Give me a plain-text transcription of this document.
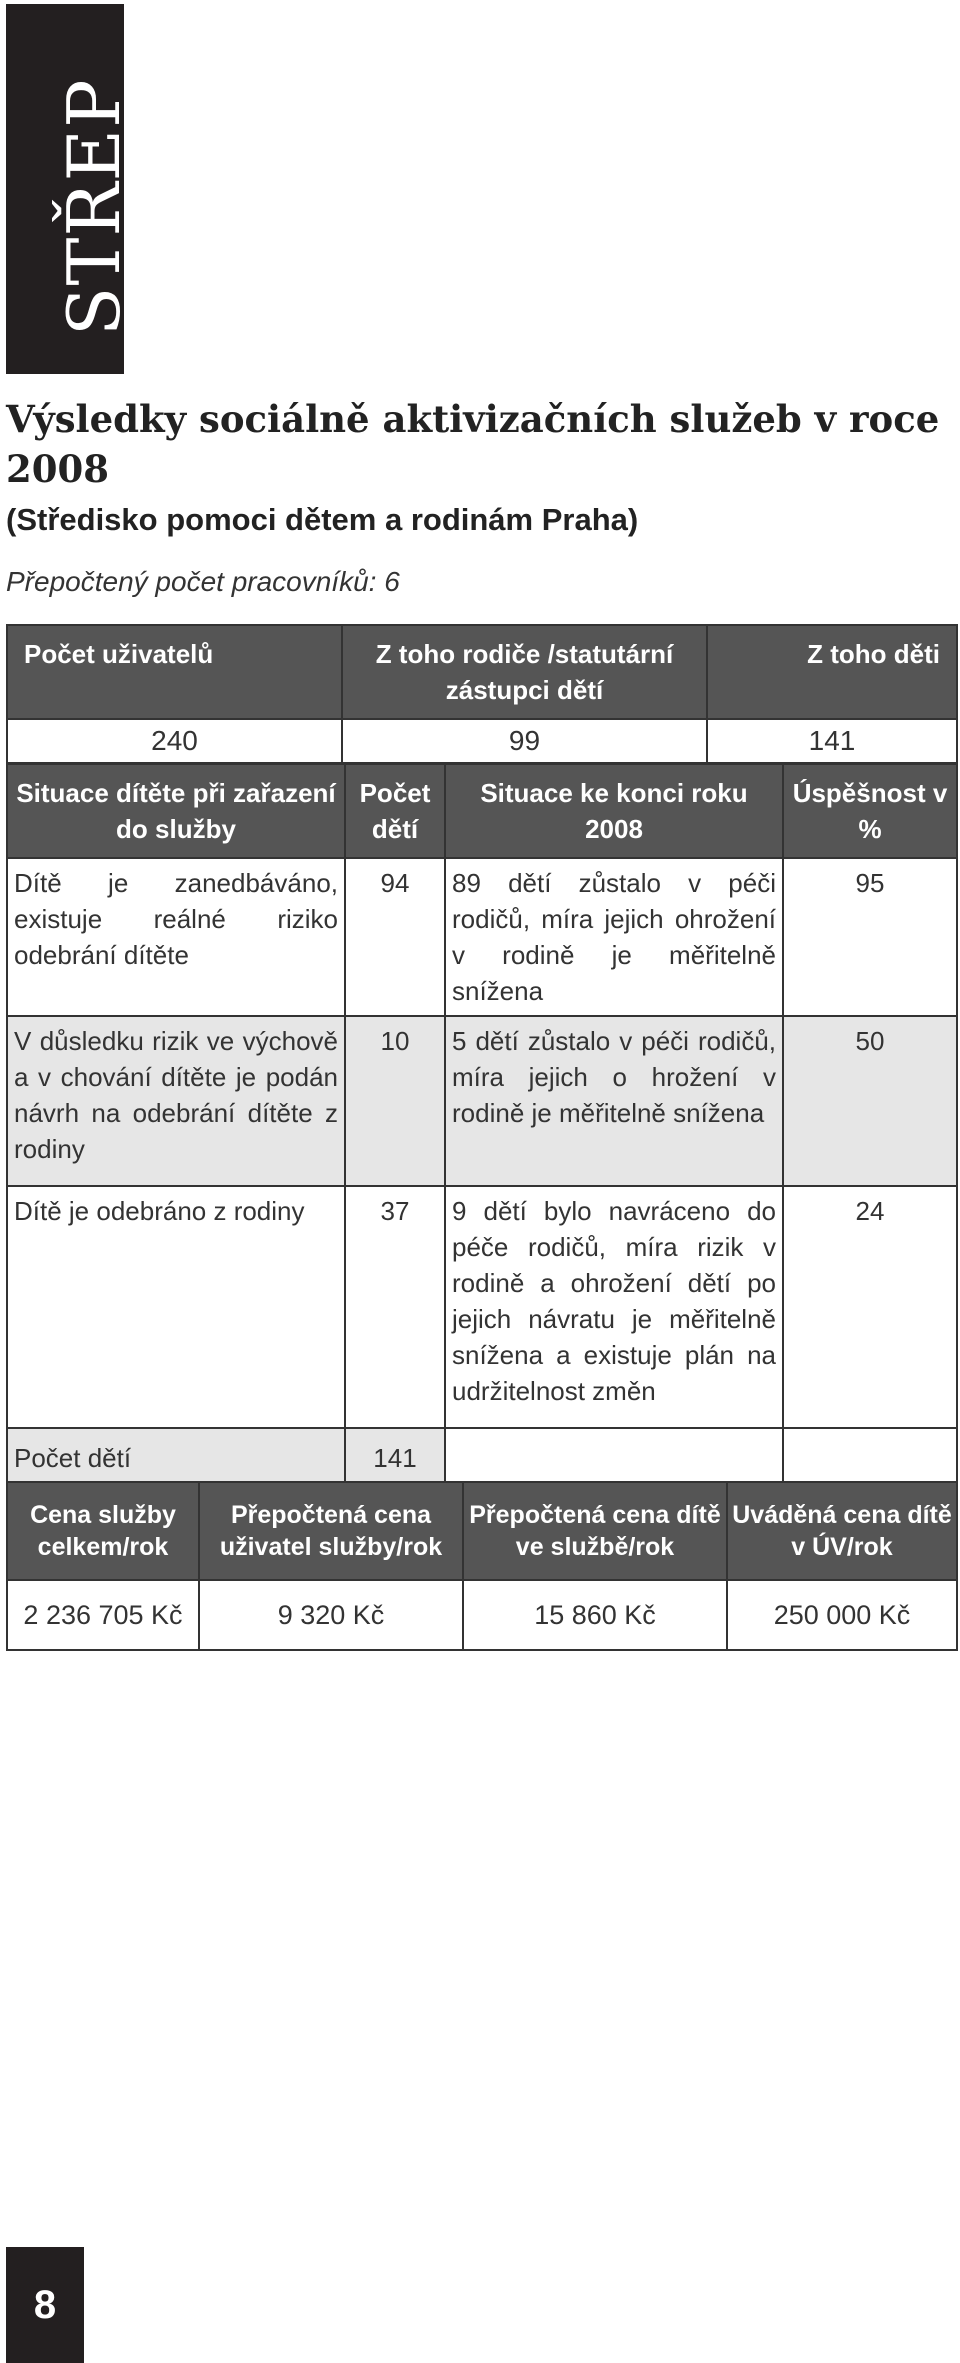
STŘEP
Výsledky sociálně aktivizačních služeb v roce 2008
(Středisko pomoci dětem a rodinám Praha)
Přepočtený počet pracovníků: 6
Počet uživatelů	Z toho rodiče /statutární zástupci dětí	Z toho děti
240	99	141
Situace dítěte při zařazení do služby	Počet dětí	Situace ke konci roku 2008	Úspěšnost v %
Dítě je zanedbáváno, existuje reálné riziko odebrání dítěte	94	89 dětí zůstalo v péči rodičů, míra jejich ohrožení v rodině je měřitelně snížena	95
V důsledku rizik ve výchově a v chování dítěte je podán návrh na odebrání dítěte z rodiny	10	5 dětí zůstalo v péči rodičů, míra jejich o hrožení v rodině je měřitelně snížena	50
Dítě je odebráno z rodiny	37	9 dětí bylo navráceno do péče rodičů, míra rizik v rodině a ohrožení dětí po jejich návratu je měřitelně snížena a existuje plán na udržitelnost změn	24
Počet dětí	141		
Cena služby celkem/rok	Přepočtená cena uživatel služby/rok	Přepočtená cena dítě ve službě/rok	Uváděná cena dítě v ÚV/rok
2 236 705 Kč	9 320 Kč	15 860 Kč	250 000 Kč
8
